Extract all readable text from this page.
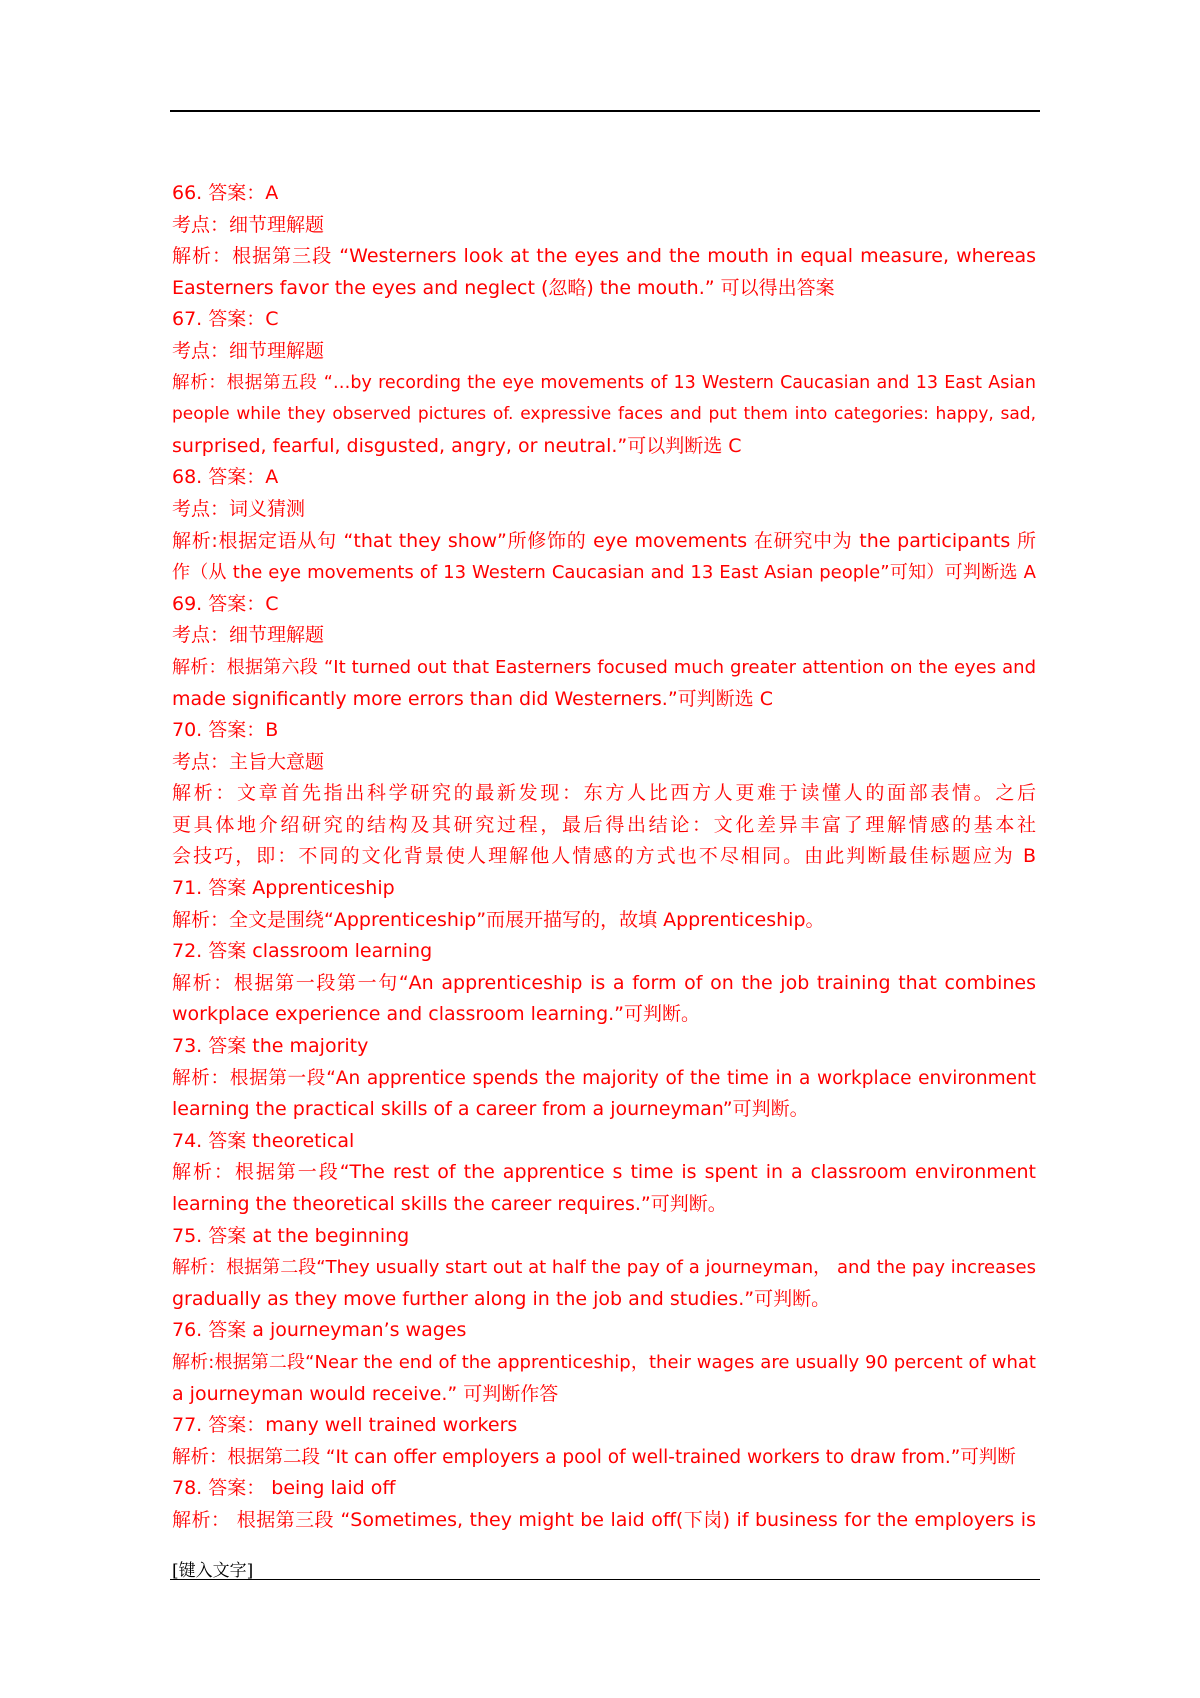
66. 答案：A
考点：细节理解题
解析：根据第三段 “Westerners look at the eyes and the mouth in equal measure, whereas
Easterners favor the eyes and neglect (忽略) the mouth.” 可以得出答案
67. 答案：C
考点：细节理解题
解析：根据第五段 “…by recording the eye movements of 13 Western Caucasian and 13 East Asian
people while they observed pictures of. expressive faces and put them into categories: happy, sad,
surprised, fearful, disgusted, angry, or neutral.”可以判断选 C
68. 答案：A
考点：词义猜测
解析:根据定语从句 “that they show”所修饰的 eye movements 在研究中为 the participants 所
作（从 the eye movements of 13 Western Caucasian and 13 East Asian people”可知）可判断选 A
69. 答案：C
考点：细节理解题
解析：根据第六段 “It turned out that Easterners focused much greater attention on the eyes and
made significantly more errors than did Westerners.”可判断选 C
70. 答案：B
考点：主旨大意题
解析：文章首先指出科学研究的最新发现：东方人比西方人更难于读懂人的面部表情。之后
更具体地介绍研究的结构及其研究过程，最后得出结论：文化差异丰富了理解情感的基本社
会技巧，即：不同的文化背景使人理解他人情感的方式也不尽相同。由此判断最佳标题应为 B
71. 答案 Apprenticeship
解析：全文是围绕“Apprenticeship”而展开描写的，故填 Apprenticeship。
72. 答案 classroom learning
解析：根据第一段第一句“An apprenticeship is a form of on the job training that combines
workplace experience and classroom learning.”可判断。
73. 答案 the majority
解析：根据第一段“An apprentice spends the majority of the time in a workplace environment
learning the practical skills of a career from a journeyman”可判断。
74. 答案 theoretical
解析：根据第一段“The rest of the apprentice s time is spent in a classroom environment
learning the theoretical skills the career requires.”可判断。
75. 答案 at the beginning
解析：根据第二段“They usually start out at half the pay of a journeyman， and the pay increases
gradually as they move further along in the job and studies.”可判断。
76. 答案 a journeyman’s wages
解析:根据第二段“Near the end of the apprenticeship，their wages are usually 90 percent of what
a journeyman would receive.” 可判断作答
77. 答案：many well trained workers
解析：根据第二段 “It can offer employers a pool of well-trained workers to draw from.”可判断
78. 答案： being laid off
解析： 根据第三段 “Sometimes, they might be laid off(下岗) if business for the employers is
[键入文字]
